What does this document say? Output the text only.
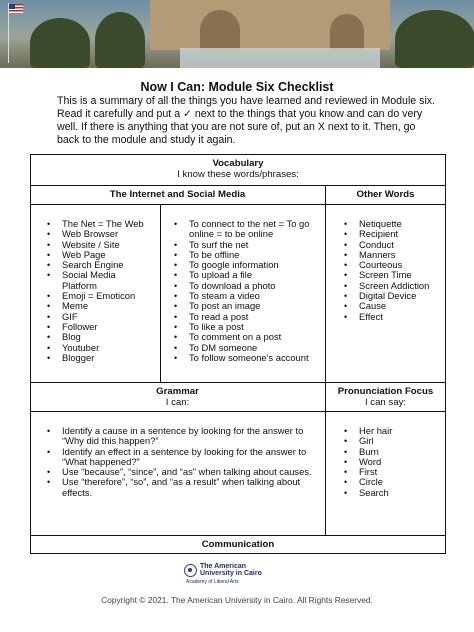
Now I Can: Module Six Checklist
This is a summary of all the things you have learned and reviewed in Module six. Read it carefully and put a ✓ next to the things that you know and can do very well. If there is anything that you are not sure of, put an X next to it. Then, go back to the module and study it again.
Vocabulary
I know these words/phrases:
The Internet and Social Media	Other Words
• The Net = The Web
• Web Browser
• Website / Site
• Web Page
• Search Engine
• Social Media Platform
• Emoji = Emoticon
• Meme
• GIF
• Follower
• Blog
• Youtuber
• Blogger
• To connect to the net = To go online = to be online
• To surf the net
• To be offline
• To google information
• To upload a file
• To download a photo
• To steam a video
• To post an image
• To read a post
• To like a post
• To comment on a post
• To DM someone
• To follow someone's account
• Netiquette
• Recipient
• Conduct
• Manners
• Courteous
• Screen Time
• Screen Addiction
• Digital Device
• Cause
• Effect
Grammar
I can:
Pronunciation Focus
I can say:
• Identify a cause in a sentence by looking for the answer to “Why did this happen?”
• Identify an effect in a sentence by looking for the answer to “What happened?”
• Use “because”, “since”, and “as” when talking about causes.
• Use “therefore”, “so”, and “as a result” when talking about effects.
• Her hair
• Girl
• Burn
• Word
• First
• Circle
• Search
Communication
The American
University in Cairo
Academy of Liberal Arts
Copyright © 2021. The American University in Cairo. All Rights Reserved.
